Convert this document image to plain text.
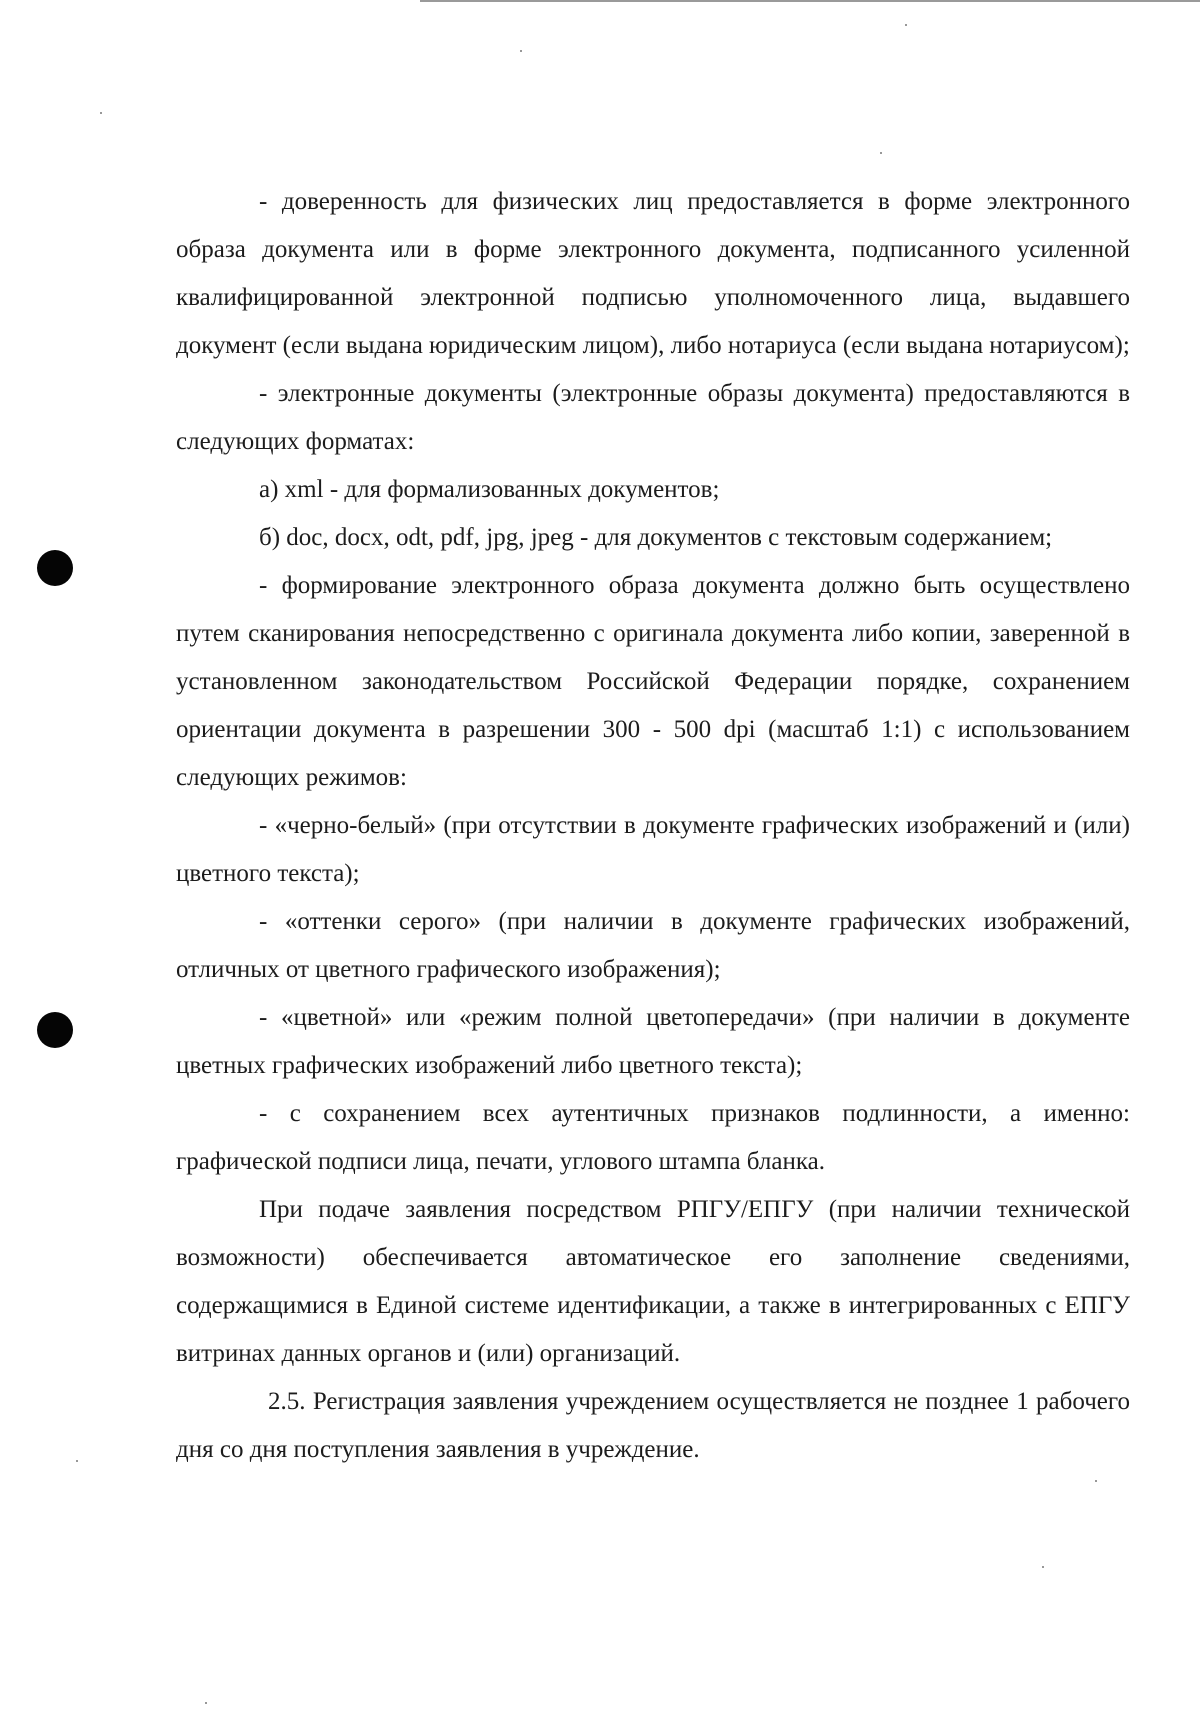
- доверенность для физических лиц предоставляется в форме электронного образа документа или в форме электронного документа, подписанного усиленной квалифицированной электронной подписью уполномоченного лица, выдавшего документ (если выдана юридическим лицом), либо нотариуса (если выдана нотариусом);

- электронные документы (электронные образы документа) предоставляются в следующих форматах:

а) xml - для формализованных документов;

б) doc, docx, odt, pdf, jpg, jpeg - для документов с текстовым содержанием;

- формирование электронного образа документа должно быть осуществлено путем сканирования непосредственно с оригинала документа либо копии, заверенной в установленном законодательством Российской Федерации порядке, сохранением ориентации документа в разрешении 300 - 500 dpi (масштаб 1:1) с использованием следующих режимов:

- «черно-белый» (при отсутствии в документе графических изображений и (или) цветного текста);

- «оттенки серого» (при наличии в документе графических изображений, отличных от цветного графического изображения);

- «цветной» или «режим полной цветопередачи» (при наличии в документе цветных графических изображений либо цветного текста);

- с сохранением всех аутентичных признаков подлинности, а именно: графической подписи лица, печати, углового штампа бланка.

При подаче заявления посредством РПГУ/ЕПГУ (при наличии технической возможности) обеспечивается автоматическое его заполнение сведениями, содержащимися в Единой системе идентификации, а также в интегрированных с ЕПГУ витринах данных органов и (или) организаций.

2.5. Регистрация заявления учреждением осуществляется не позднее 1 рабочего дня со дня поступления заявления в учреждение.
